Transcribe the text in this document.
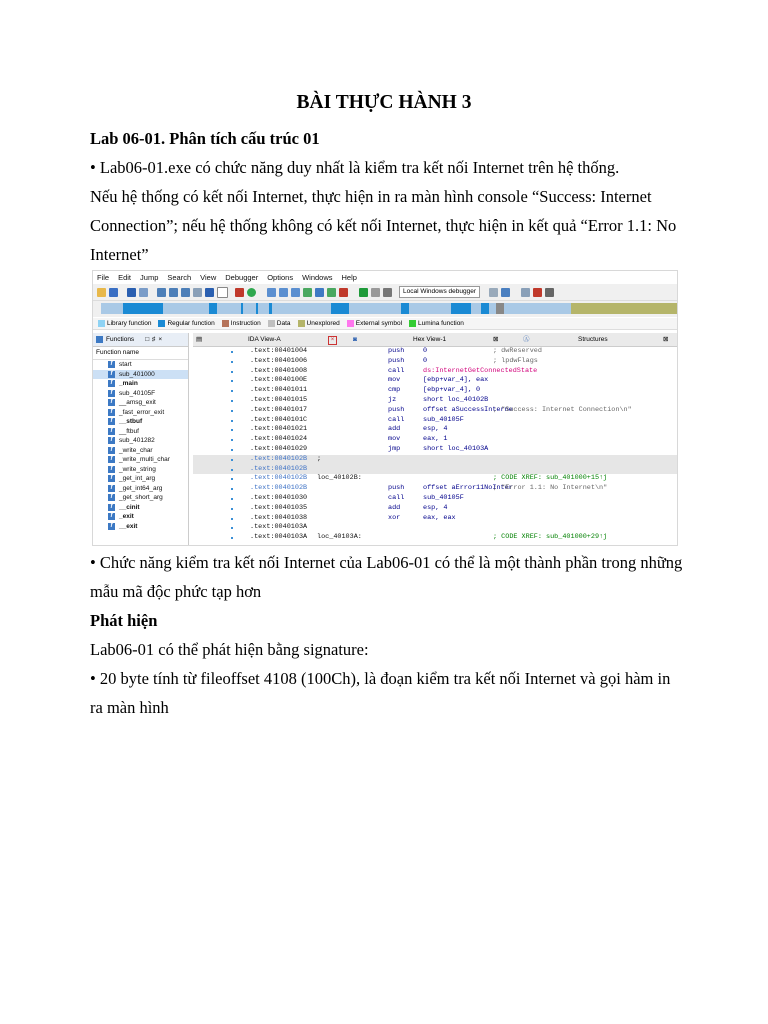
BÀI THỰC HÀNH 3
Lab 06-01. Phân tích cấu trúc 01
• Lab06-01.exe có chức năng duy nhất là kiểm tra kết nối Internet trên hệ thống.
Nếu hệ thống có kết nối Internet, thực hiện in ra màn hình console “Success: Internet
Connection”; nếu hệ thống không có kết nối Internet, thực hiện in kết quả “Error 1.1: No
Internet”
• Chức năng kiểm tra kết nối Internet của Lab06-01 có thể là một thành phần trong những
mẫu mã độc phức tạp hơn
Phát hiện
Lab06-01 có thể phát hiện bằng signature:
• 20 byte tính từ fileoffset 4108 (100Ch), là đoạn kiểm tra kết nối Internet và gọi hàm in
ra màn hình
File Edit Jump Search View Debugger Options Windows Help
Local Windows debugger
Library function Regular function Instruction Data Unexplored External symbol Lumina function
Functions □ ♯ ×
Function name
f	start
f	sub_401000
f	_main
f	sub_40105F
f	__amsg_exit
f	_fast_error_exit
f	__stbuf
f	__ftbuf
f	sub_401282
f	_write_char
f	_write_multi_char
f	_write_string
f	_get_int_arg
f	_get_int64_arg
f	_get_short_arg
f	__cinit
f	_exit
f	__exit
▤	IDA View-A	×	◙	Hex View-1	⊠	Ⓐ	Structures	⊠
.text:00401004	push	0	; dwReserved
.text:00401006	push	0	; lpdwFlags
.text:00401008	call	ds:InternetGetConnectedState
.text:0040100E	mov	[ebp+var_4], eax
.text:00401011	cmp	[ebp+var_4], 0
.text:00401015	jz	short loc_40102B
.text:00401017	push	offset aSuccessInterne
; "Success: Internet Connection\n"
.text:0040101C	call	sub_40105F
.text:00401021	add	esp, 4
.text:00401024	mov	eax, 1
.text:00401029	jmp	short loc_40103A
.text:0040102B ;
.text:0040102B
.text:0040102B loc_40102B:	; CODE XREF: sub_401000+15↑j
.text:0040102B	push	offset aError11NoInter
; "Error 1.1: No Internet\n"
.text:00401030	call	sub_40105F
.text:00401035	add	esp, 4
.text:00401038	xor	eax, eax
.text:0040103A
.text:0040103A loc_40103A:	; CODE XREF: sub_401000+29↑j
